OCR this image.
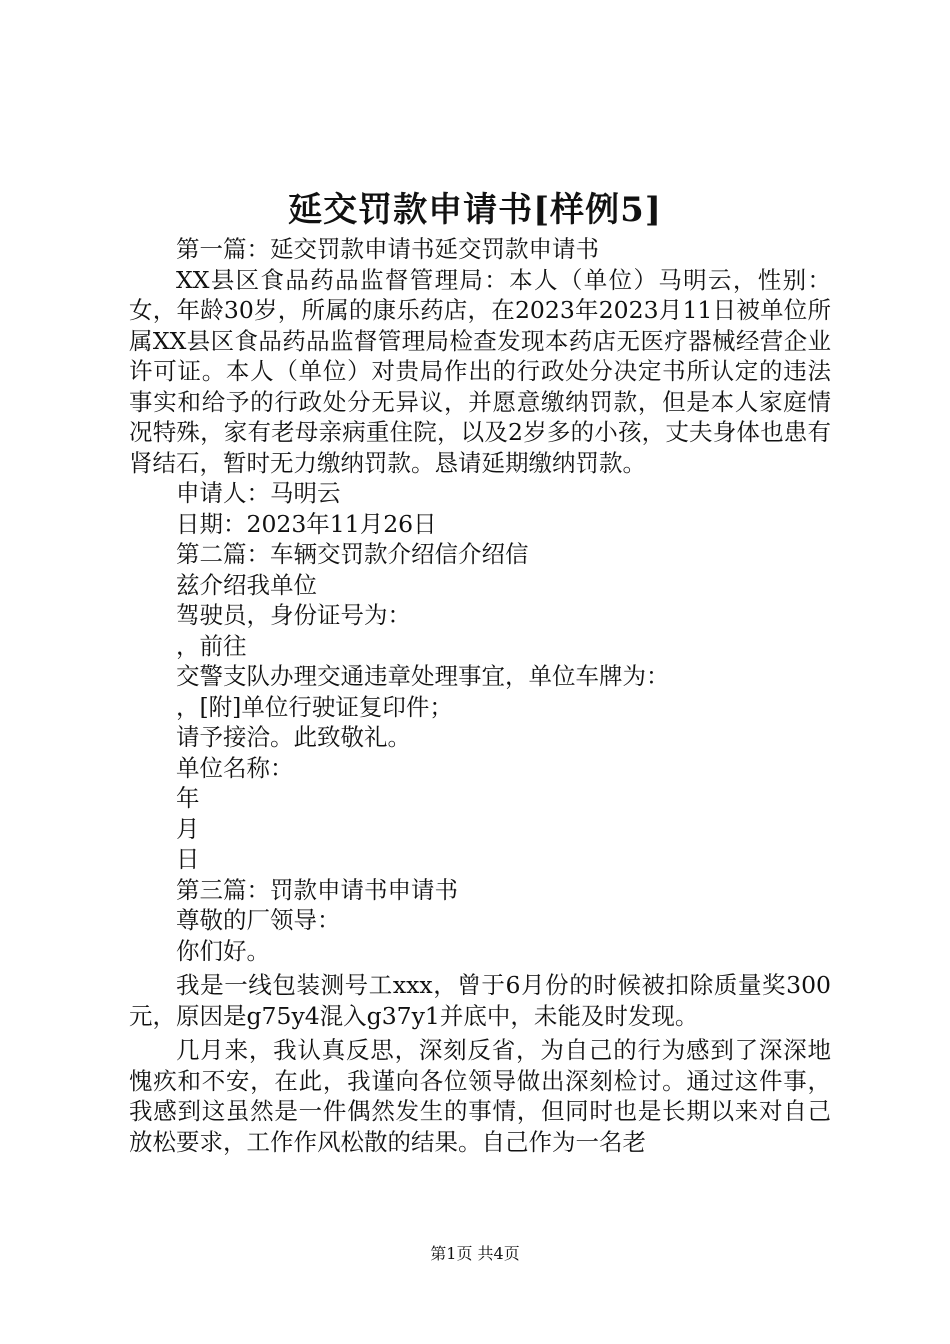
延交罚款申请书[样例5]

第一篇：延交罚款申请书延交罚款申请书

XX县区食品药品监督管理局：本人（单位）马明云，性别：女，年龄30岁，所属的康乐药店，在2023年2023月11日被单位所属XX县区食品药品监督管理局检查发现本药店无医疗器械经营企业许可证。本人（单位）对贵局作出的行政处分决定书所认定的违法事实和给予的行政处分无异议，并愿意缴纳罚款，但是本人家庭情况特殊，家有老母亲病重住院，以及2岁多的小孩，丈夫身体也患有肾结石，暂时无力缴纳罚款。恳请延期缴纳罚款。

申请人：马明云

日期：2023年11月26日

第二篇：车辆交罚款介绍信介绍信

兹介绍我单位

驾驶员，身份证号为：

，前往

交警支队办理交通违章处理事宜，单位车牌为：

，[附]单位行驶证复印件；

请予接洽。此致敬礼。

单位名称：

年

月

日

第三篇：罚款申请书申请书

尊敬的厂领导：

你们好。

我是一线包装测号工xxx，曾于6月份的时候被扣除质量奖300元，原因是g75y4混入g37y1并底中，未能及时发现。

几月来，我认真反思，深刻反省，为自己的行为感到了深深地愧疚和不安，在此，我谨向各位领导做出深刻检讨。通过这件事，我感到这虽然是一件偶然发生的事情，但同时也是长期以来对自己放松要求，工作作风松散的结果。自己作为一名老

第1页 共4页
